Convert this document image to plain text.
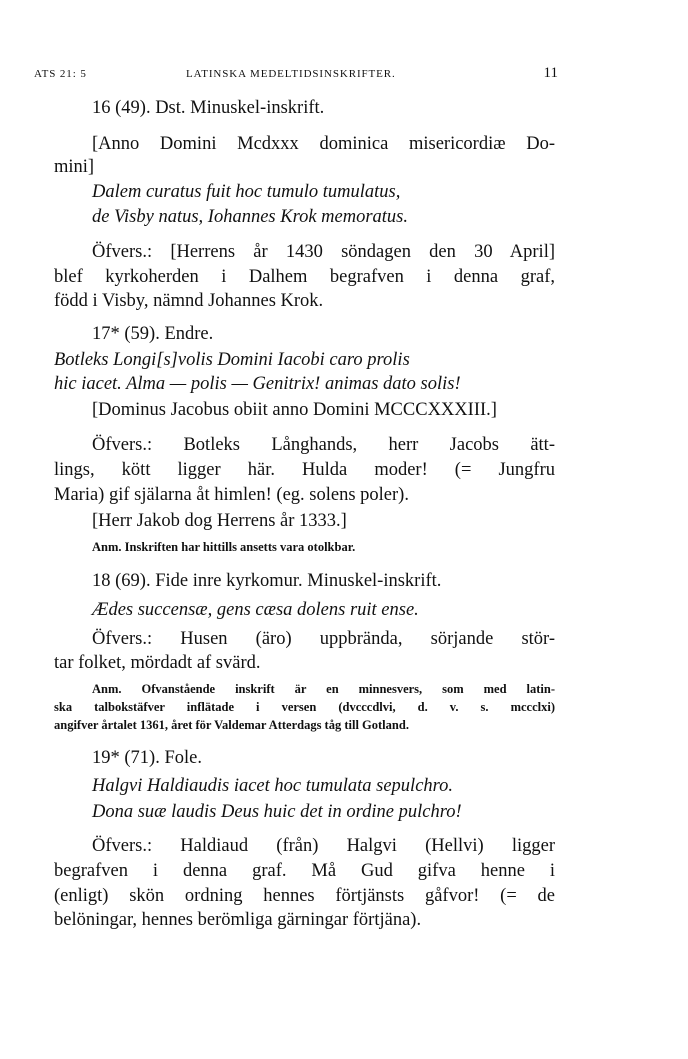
ATS 21: 5	LATINSKA MEDELTIDSINSKRIFTER.	11
16 (49). Dst. Minuskel-inskrift.
[Anno Domini Mcdxxx dominica misericordiæ Do-
mini]
Dalem curatus fuit hoc tumulo tumulatus,
de Visby natus, Iohannes Krok memoratus.
Öfvers.: [Herrens år 1430 söndagen den 30 April]
blef kyrkoherden i Dalhem begrafven i denna graf,
född i Visby, nämnd Johannes Krok.
17* (59). Endre.
Botleks Longi[s]volis Domini Iacobi caro prolis
hic iacet. Alma — polis — Genitrix! animas dato solis!
[Dominus Jacobus obiit anno Domini MCCCXXXIII.]
Öfvers.: Botleks Långhands, herr Jacobs ätt-
lings, kött ligger här. Hulda moder! (= Jungfru
Maria) gif själarna åt himlen! (eg. solens poler).
[Herr Jakob dog Herrens år 1333.]
Anm. Inskriften har hittills ansetts vara otolkbar.
18 (69). Fide inre kyrkomur. Minuskel-inskrift.
Ædes succensæ, gens cæsa dolens ruit ense.
Öfvers.: Husen (äro) uppbrända, sörjande stör-
tar folket, mördadt af svärd.
Anm. Ofvanstående inskrift är en minnesvers, som med latin-
ska talbokstäfver inflätade i versen (dvcccdlvi, d. v. s. mccclxi)
angifver årtalet 1361, året för Valdemar Atterdags tåg till Gotland.
19* (71). Fole.
Halgvi Haldiaudis iacet hoc tumulata sepulchro.
Dona suæ laudis Deus huic det in ordine pulchro!
Öfvers.: Haldiaud (från) Halgvi (Hellvi) ligger
begrafven i denna graf. Må Gud gifva henne i
(enligt) skön ordning hennes förtjänsts gåfvor! (= de
belöningar, hennes berömliga gärningar förtjäna).
